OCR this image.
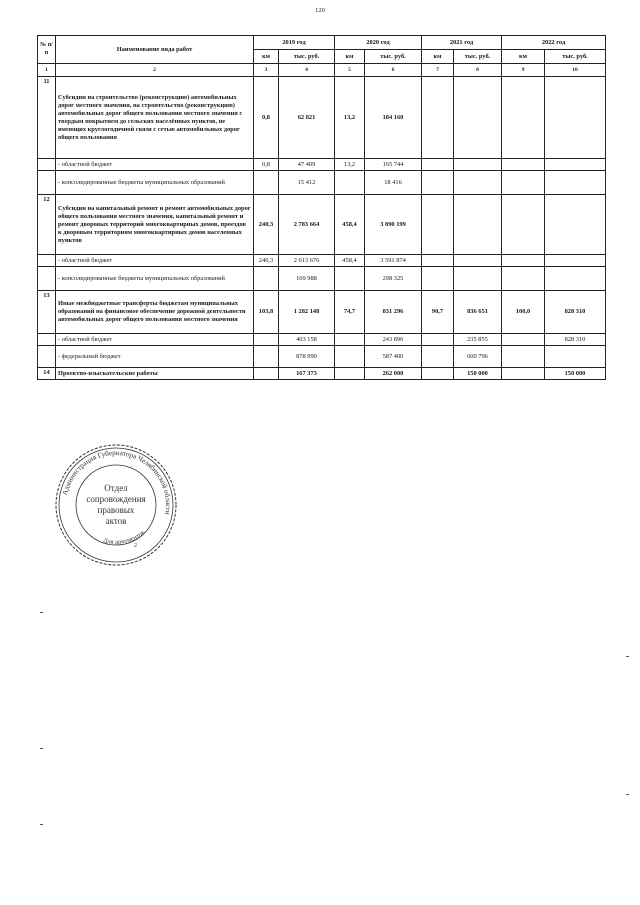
120
№ п/п	Наименование вида работ	2019 год		2020 год		2021 год		2022 год	
		км	тыс. руб.	км	тыс. руб.	км	тыс. руб.	км	тыс. руб.
1	2	3	4	5	6	7	8	9	10
11	Субсидии на строительство (реконструкцию) автомобильных дорог местного значения, на строительство (реконструкцию) автомобильных дорог общего пользования местного значения с твердым покрытием до сельских населённых пунктов, не имеющих круглогодичной связи с сетью автомобильных дорог общего пользования	0,8	62 821	13,2	184 160				
	- областной бюджет	0,8	47 409	13,2	165 744				
	- консолидированные бюджеты муниципальных образований		15 412		18 416				
12	Субсидии на капитальный ремонт и ремонт автомобильных дорог общего пользования местного значения, капитальный ремонт и ремонт дворовых территорий многоквартирных домов, проездов к дворовым территориям многоквартирных домов населенных пунктов	240,3	2 783 664	458,4	3 890 199				
	- областной бюджет	240,3	2 613 676	458,4	3 591 874				
	- консолидированные бюджеты муниципальных образований		169 988		298 325				
13	Иные межбюджетные трансферты бюджетам муниципальных образований на финансовое обеспечение дорожной деятельности автомобильных дорог общего пользования местного значения	103,8	1 282 148	74,7	831 296	90,7	836 651	100,0	828 310
	- областной бюджет		403 158		243 896		235 855		828 310
	- федеральный бюджет		878 990		587 400		600 796		
14	Проектно-изыскательские работы		167 373		262 000		150 000		150 000
Администрация Губернатора Челябинской области
Для документов
Отдел
сопровождения
правовых
актов
2
